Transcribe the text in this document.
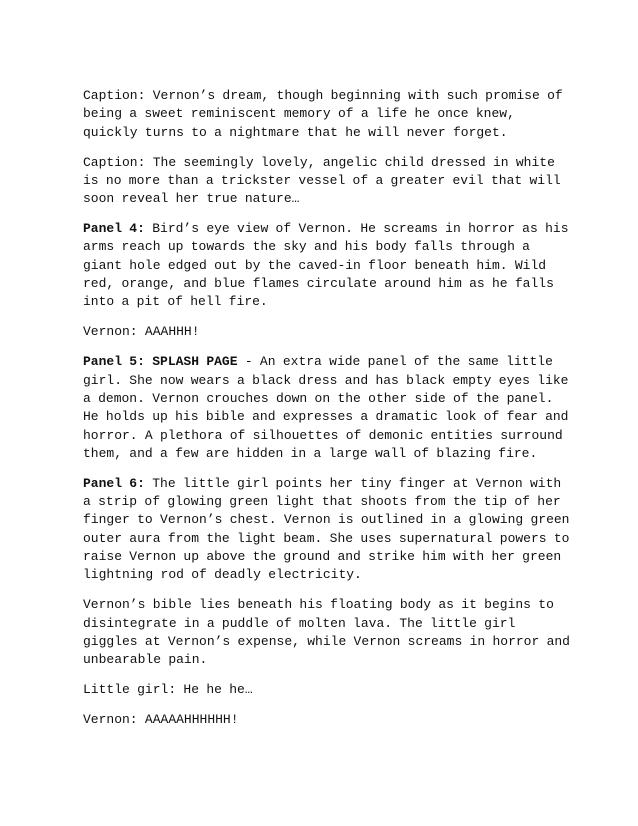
Caption: Vernon’s dream, though beginning with such promise of being a sweet reminiscent memory of a life he once knew, quickly turns to a nightmare that he will never forget.

Caption: The seemingly lovely, angelic child dressed in white is no more than a trickster vessel of a greater evil that will soon reveal her true nature…

Panel 4: Bird’s eye view of Vernon. He screams in horror as his arms reach up towards the sky and his body falls through a giant hole edged out by the caved-in floor beneath him. Wild red, orange, and blue flames circulate around him as he falls into a pit of hell fire.

Vernon: AAAHHH!

Panel 5: SPLASH PAGE - An extra wide panel of the same little girl. She now wears a black dress and has black empty eyes like a demon. Vernon crouches down on the other side of the panel. He holds up his bible and expresses a dramatic look of fear and horror. A plethora of silhouettes of demonic entities surround them, and a few are hidden in a large wall of blazing fire.

Panel 6: The little girl points her tiny finger at Vernon with a strip of glowing green light that shoots from the tip of her finger to Vernon’s chest. Vernon is outlined in a glowing green outer aura from the light beam. She uses supernatural powers to raise Vernon up above the ground and strike him with her green lightning rod of deadly electricity.

Vernon’s bible lies beneath his floating body as it begins to disintegrate in a puddle of molten lava. The little girl giggles at Vernon’s expense, while Vernon screams in horror and unbearable pain.

Little girl: He he he…

Vernon: AAAAAHHHHHH!
